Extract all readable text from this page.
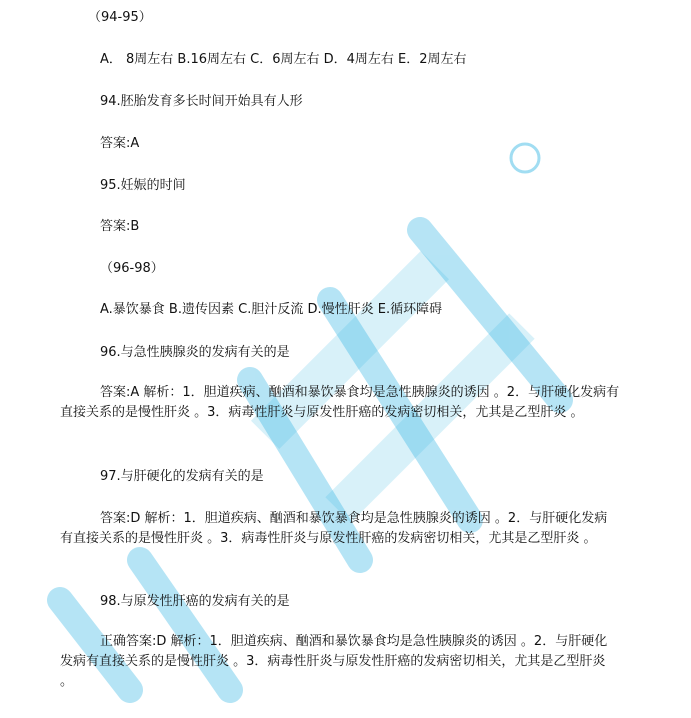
（94-95）
A． 8周左右 B.16周左右 C．6周左右 D．4周左右 E．2周左右
94.胚胎发育多长时间开始具有人形
答案:A
95.妊娠的时间
答案:B
（96-98）
A.暴饮暴食 B.遗传因素 C.胆汁反流 D.慢性肝炎 E.循环障碍
96.与急性胰腺炎的发病有关的是
答案:A 解析：1．胆道疾病、酗酒和暴饮暴食均是急性胰腺炎的诱因 。2．与肝硬化发病有直接关系的是慢性肝炎 。3．病毒性肝炎与原发性肝癌的发病密切相关，尤其是乙型肝炎 。
97.与肝硬化的发病有关的是
答案:D 解析：1．胆道疾病、酗酒和暴饮暴食均是急性胰腺炎的诱因 。2．与肝硬化发病有直接关系的是慢性肝炎 。3．病毒性肝炎与原发性肝癌的发病密切相关，尤其是乙型肝炎 。
98.与原发性肝癌的发病有关的是
正确答案:D 解析：1．胆道疾病、酗酒和暴饮暴食均是急性胰腺炎的诱因 。2．与肝硬化发病有直接关系的是慢性肝炎 。3．病毒性肝炎与原发性肝癌的发病密切相关，尤其是乙型肝炎 。
